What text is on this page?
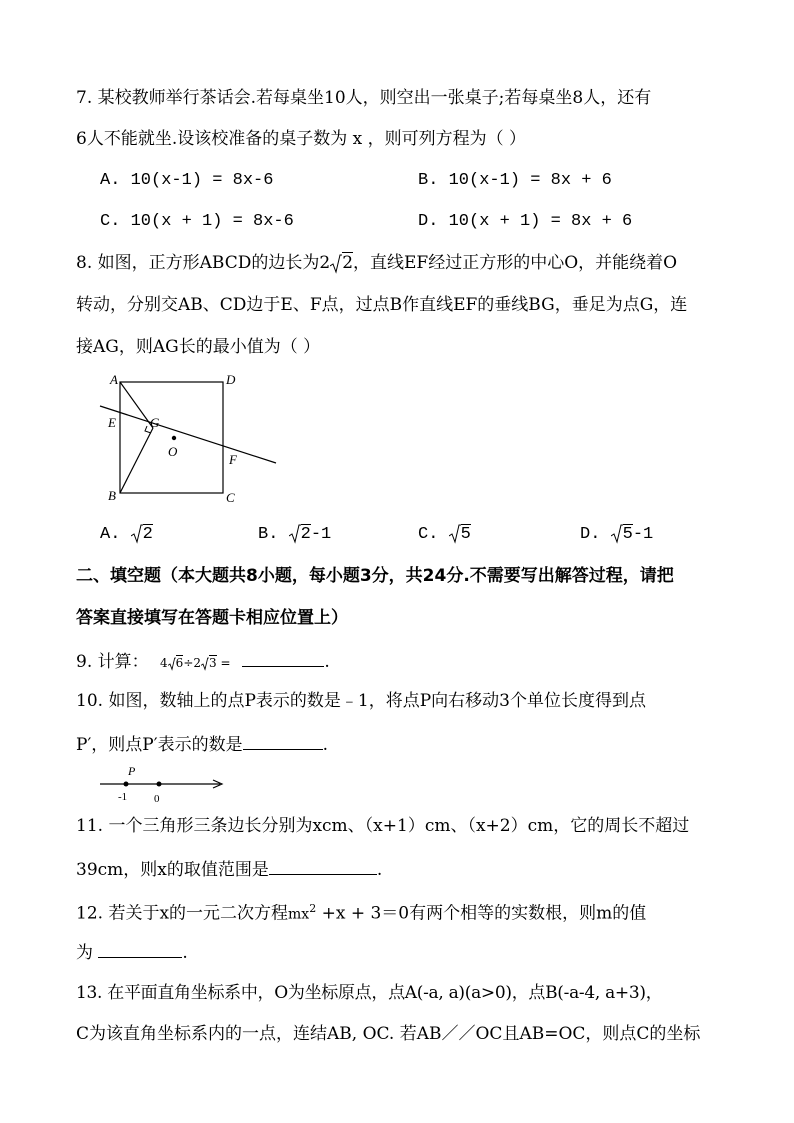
7. 某校教师举行茶话会.若每桌坐10人，则空出一张桌子;若每桌坐8人，还有
6人不能就坐.设该校准备的桌子数为 x ，则可列方程为（ ）
A. 10(x-1) = 8x-6	B. 10(x-1) = 8x + 6
C. 10(x + 1) = 8x-6	D. 10(x + 1) = 8x + 6
8. 如图，正方形ABCD的边长为2 2，直线EF经过正方形的中心O，并能绕着O
转动，分别交AB、CD边于E、F点，过点B作直线EF的垂线BG，垂足为点G，连
接AG，则AG长的最小值为（ ）
A	D
B	C
E
F
G
O
A. 2	B. 2-1	C. 5	D. 5-1
二、填空题（本大题共8小题，每小题3分，共24分.不需要写出解答过程，请把
答案直接填写在答题卡相应位置上）
9. 计算： 4 6÷2 3 =	.
10. 如图，数轴上的点P表示的数是﹣1，将点P向右移动3个单位长度得到点
P′，则点P′表示的数是	.
P
-1 0
11. 一个三角形三条边长分别为xcm、（x+1）cm、（x+2）cm，它的周长不超过
39cm，则x的取值范围是	.
12. 若关于x的一元二次方程$mx^2 +x + 3=0$有两个相等的实数根，则m的值
为	.
13. 在平面直角坐标系中，O为坐标原点，点A(-a, a)(a>0)，点B(-a-4, a+3)，
C为该直角坐标系内的一点，连结AB, OC. 若AB／／OC且AB=OC，则点C的坐标
